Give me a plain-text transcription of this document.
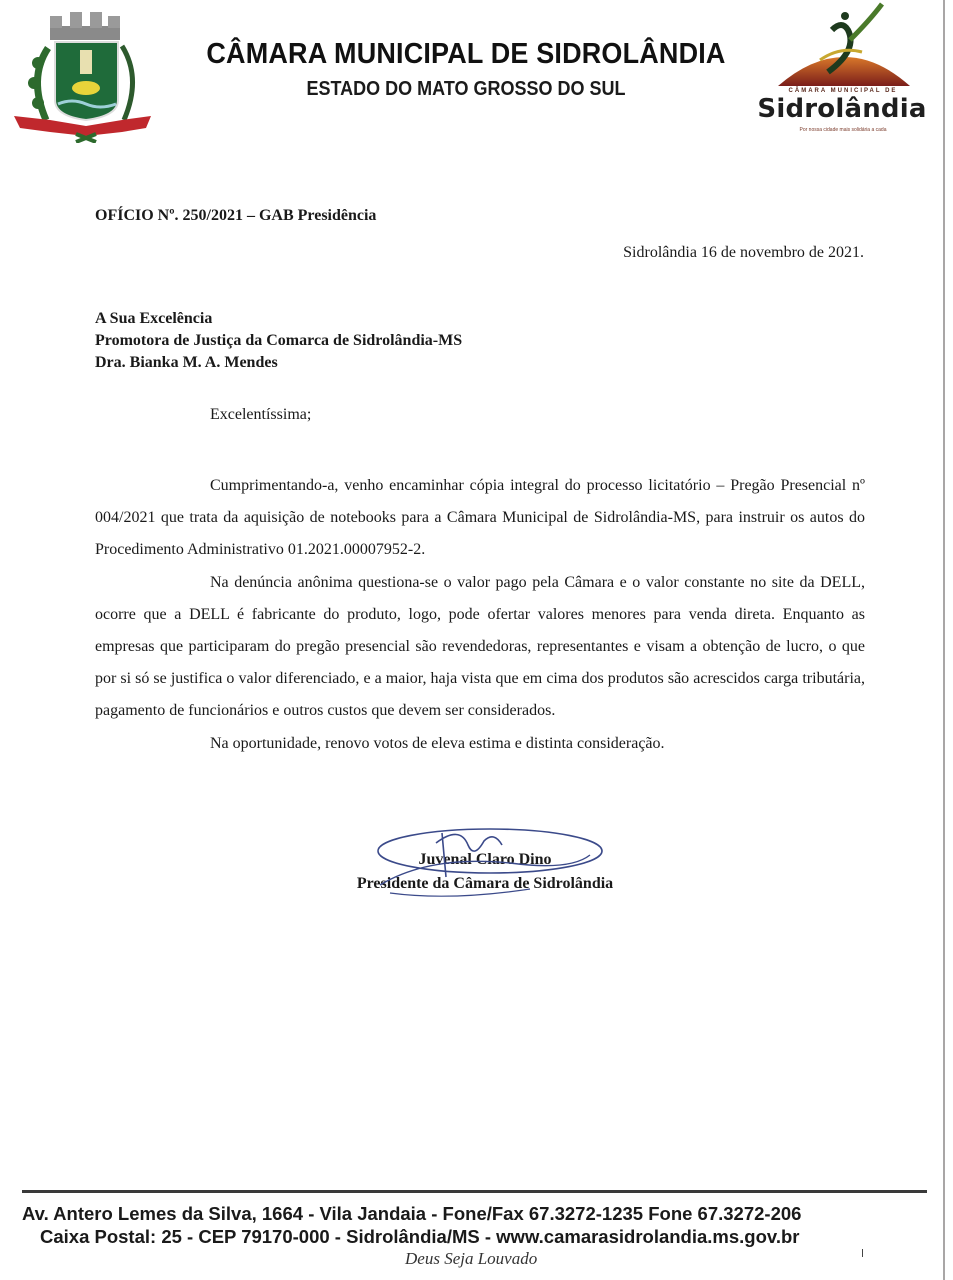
CÂMARA MUNICIPAL DE SIDROLÂNDIA
ESTADO DO MATO GROSSO DO SUL	CÂMARA MUNICIPAL DE
Sidrolândia
Por nossa cidade mais solidária a cada
OFÍCIO Nº. 250/2021 – GAB Presidência
Sidrolândia 16 de novembro de 2021.
A Sua Excelência
Promotora de Justiça da Comarca de Sidrolândia-MS
Dra. Bianka M. A. Mendes
Excelentíssima;

Cumprimentando-a, venho encaminhar cópia integral do processo licitatório – Pregão Presencial nº 004/2021 que trata da aquisição de notebooks para a Câmara Municipal de Sidrolândia-MS, para instruir os autos do Procedimento Administrativo 01.2021.00007952-2.

Na denúncia anônima questiona-se o valor pago pela Câmara e o valor constante no site da DELL, ocorre que a DELL é fabricante do produto, logo, pode ofertar valores menores para venda direta. Enquanto as empresas que participaram do pregão presencial são revendedoras, representantes e visam a obtenção de lucro, o que por si só se justifica o valor diferenciado, e a maior, haja vista que em cima dos produtos são acrescidos carga tributária, pagamento de funcionários e outros custos que devem ser considerados.

Na oportunidade, renovo votos de eleva estima e distinta consideração.

Juvenal Claro Dino
Presidente da Câmara de Sidrolândia
Av. Antero Lemes da Silva, 1664 - Vila Jandaia - Fone/Fax 67.3272-1235 Fone 67.3272-206
Caixa Postal: 25 - CEP 79170-000 - Sidrolândia/MS - www.camarasidrolandia.ms.gov.br
Deus Seja Louvado
